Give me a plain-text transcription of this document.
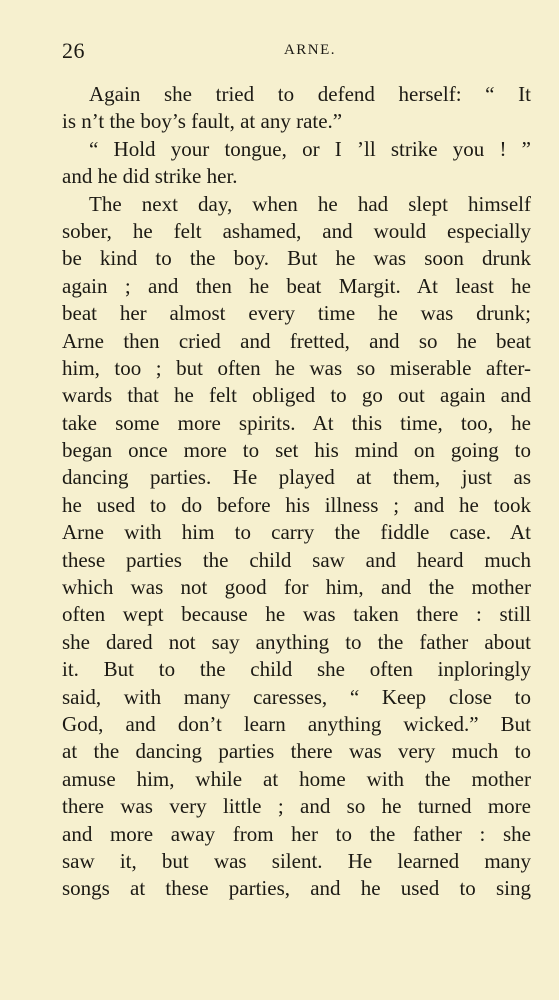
26	ARNE.
Again she tried to defend herself: “ It
is n’t the boy’s fault, at any rate.”
“ Hold your tongue, or I ’ll strike you ! ”
and he did strike her.
The next day, when he had slept himself
sober, he felt ashamed, and would especially
be kind to the boy. But he was soon drunk
again ; and then he beat Margit. At least he
beat her almost every time he was drunk;
Arne then cried and fretted, and so he beat
him, too ; but often he was so miserable after-
wards that he felt obliged to go out again and
take some more spirits. At this time, too, he
began once more to set his mind on going to
dancing parties. He played at them, just as
he used to do before his illness ; and he took
Arne with him to carry the fiddle case. At
these parties the child saw and heard much
which was not good for him, and the mother
often wept because he was taken there : still
she dared not say anything to the father about
it. But to the child she often inploringly
said, with many caresses, “ Keep close to
God, and don’t learn anything wicked.” But
at the dancing parties there was very much to
amuse him, while at home with the mother
there was very little ; and so he turned more
and more away from her to the father : she
saw it, but was silent. He learned many
songs at these parties, and he used to sing
